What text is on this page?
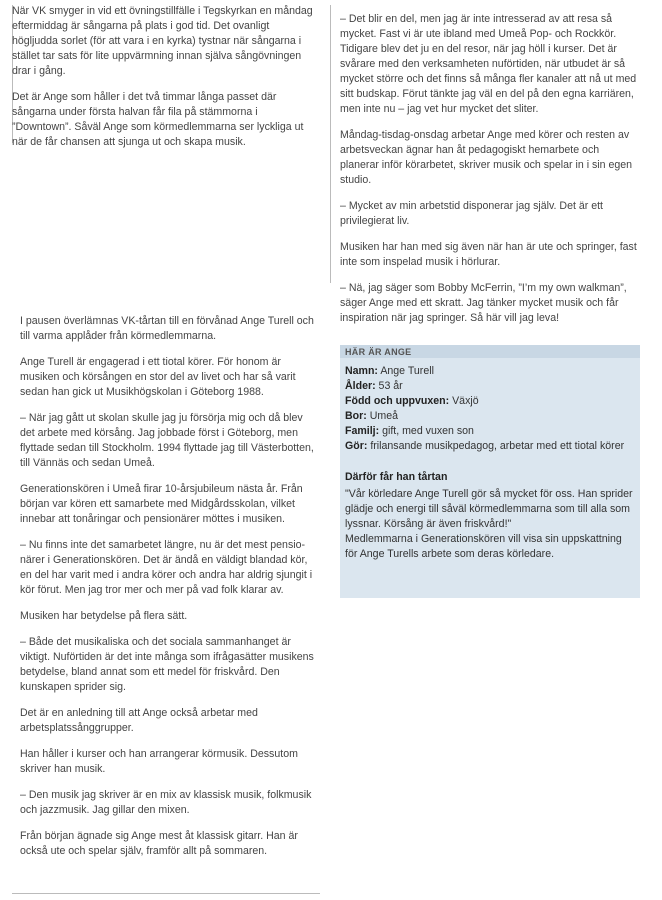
När VK smyger in vid ett övningstillfälle i Tegskyrkan en måndag eftermiddag är sångarna på plats i god tid. Det ovanligt högljudda sorlet (för att vara i en kyrka) tystnar när sångarna i stället tar sats för lite uppvärmning innan själva sångövningen drar i gång.

Det är Ange som håller i det två timmar långa passet där sångarna under första halvan får fila på stämmorna i ”Downtown”. Såväl Ange som körmedlemmarna ser lyckliga ut när de får chansen att sjunga ut och skapa musik.

I pausen överlämnas VK-tårtan till en förvånad Ange Turell och till varma applåder från körmedlemmarna.

Ange Turell är engagerad i ett tiotal körer. För honom är musiken och körsången en stor del av livet och har så varit sedan han gick ut Musikhögskolan i Göteborg 1988.

– När jag gått ut skolan skulle jag ju försörja mig och då blev det arbete med körsång. Jag jobbade först i Göteborg, men flyttade sedan till Stockholm. 1994 flyttade jag till Västerbotten, till Vännäs och sedan Umeå.

Generationskören i Umeå firar 10-årsjubileum nästa år. Från början var kören ett samarbete med Midgårdsskolan, vilket innebar att tonåringar och pensionärer möttes i musiken.

– Nu finns inte det samarbetet längre, nu är det mest pensio-närer i Generationskören. Det är ändå en väldigt blandad kör, en del har varit med i andra körer och andra har aldrig sjungit i kör förut. Men jag tror mer och mer på vad folk klarar av.

Musiken har betydelse på flera sätt.

– Både det musikaliska och det sociala sammanhanget är viktigt. Nuförtiden är det inte många som ifrågasätter musikens betydelse, bland annat som ett medel för friskvård. Den kunskapen sprider sig.

Det är en anledning till att Ange också arbetar med arbetsplatssånggrupper.

Han håller i kurser och han arrangerar körmusik. Dessutom skriver han musik.

– Den musik jag skriver är en mix av klassisk musik, folkmusik och jazzmusik. Jag gillar den mixen.

Från början ägnade sig Ange mest åt klassisk gitarr. Han är också ute och spelar själv, framför allt på sommaren.

– Det blir en del, men jag är inte intresserad av att resa så mycket. Fast vi är ute ibland med Umeå Pop- och Rockkör. Tidigare blev det ju en del resor, när jag höll i kurser. Det är svårare med den verksamheten nuförtiden, när utbudet är så mycket större och det finns så många fler kanaler att nå ut med sitt budskap. Förut tänkte jag väl en del på den egna karriären, men inte nu – jag vet hur mycket det sliter.

Måndag-tisdag-onsdag arbetar Ange med körer och resten av arbetsveckan ägnar han åt pedagogiskt hemarbete och planerar inför körarbetet, skriver musik och spelar in i sin egen studio.

– Mycket av min arbetstid disponerar jag själv. Det är ett privilegierat liv.

Musiken har han med sig även när han är ute och springer, fast inte som inspelad musik i hörlurar.

– Nä, jag säger som Bobby McFerrin, ”I’m my own walkman”, säger Ange med ett skratt. Jag tänker mycket musik och får inspiration när jag springer. Så här vill jag leva!

HÄR ÄR ANGE

Namn: Ange Turell

Ålder: 53 år

Född och uppvuxen: Växjö

Bor: Umeå

Familj: gift, med vuxen son

Gör: frilansande musikpedagog, arbetar med ett tiotal körer

Därför får han tårtan

"Vår körledare Ange Turell gör så mycket för oss. Han sprider glädje och energi till såväl körmedlemmarna som till alla som lyssnar. Körsång är även friskvård!"

Medlemmarna i Generationskören vill visa sin uppskattning för Ange Turells arbete som deras körledare.
